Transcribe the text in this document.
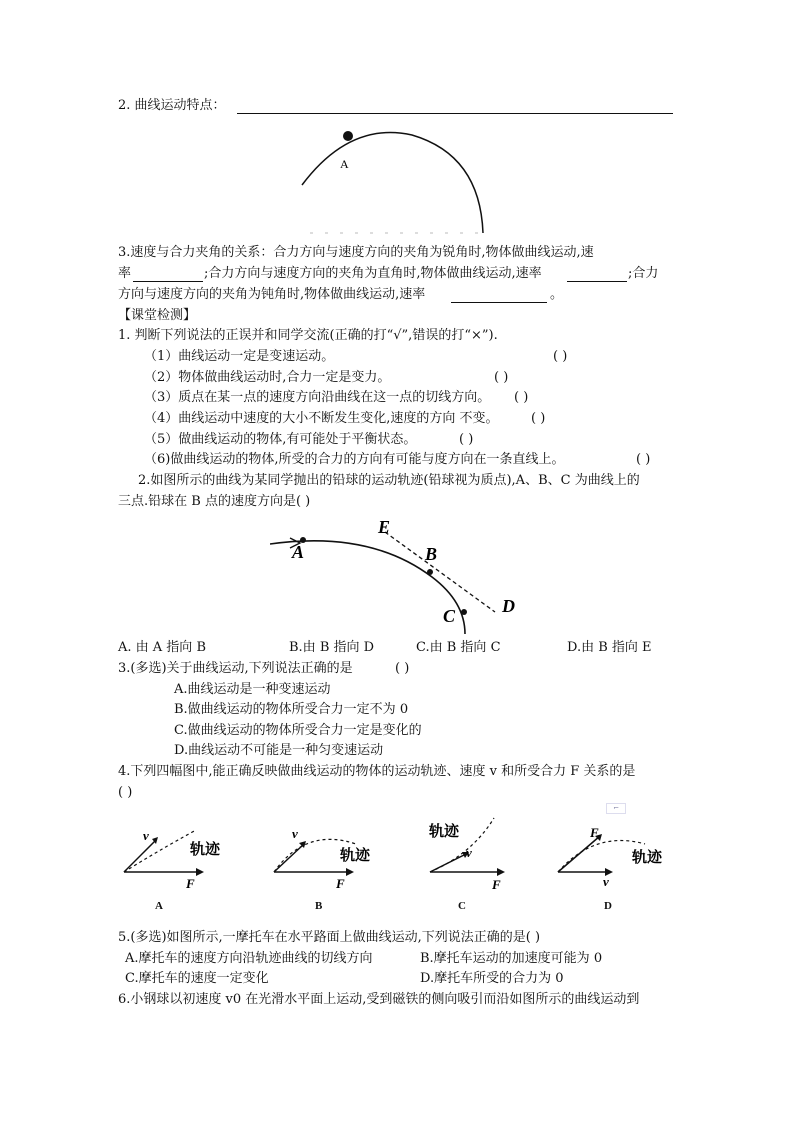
2. 曲线运动特点：
A
3.速度与合力夹角的关系：合力方向与速度方向的夹角为锐角时,物体做曲线运动,速
率	;合力方向与速度方向的夹角为直角时,物体做曲线运动,速率	;合力
方向与速度方向的夹角为钝角时,物体做曲线运动,速率	。
【课堂检测】
1. 判断下列说法的正误并和同学交流(正确的打“√”,错误的打“×”).
（1）曲线运动一定是变速运动。	( )
（2）物体做曲线运动时,合力一定是变力。	( )
（3）质点在某一点的速度方向沿曲线在这一点的切线方向。 ( )
（4）曲线运动中速度的大小不断发生变化,速度的方向 不变。 ( )
（5）做曲线运动的物体,有可能处于平衡状态。	( )
（6)做曲线运动的物体,所受的合力的方向有可能与度方向在一条直线上。	( )
2.如图所示的曲线为某同学抛出的铅球的运动轨迹(铅球视为质点),A、B、C 为曲线上的
三点.铅球在 B 点的速度方向是( )
A	B
C	D
E
A. 由 A 指向 B	B.由 B 指向 D	C.由 B 指向 C	D.由 B 指向 E
3.(多选)关于曲线运动,下列说法正确的是	( )
A.曲线运动是一种变速运动
B.做曲线运动的物体所受合力一定不为 0
C.做曲线运动的物体所受合力一定是变化的
D.曲线运动不可能是一种匀变速运动
4.下列四幅图中,能正确反映做曲线运动的物体的运动轨迹、速度 v 和所受合力 F 关系的是
( )
⌐
v
F
轨迹
A
v
F
轨迹
B
v
F
轨迹
C
F
v
轨迹
D
5.(多选)如图所示,一摩托车在水平路面上做曲线运动,下列说法正确的是( )
A.摩托车的速度方向沿轨迹曲线的切线方向	B.摩托车运动的加速度可能为 0
C.摩托车的速度一定变化	D.摩托车所受的合力为 0
6.小钢球以初速度 v0 在光滑水平面上运动,受到磁铁的侧向吸引而沿如图所示的曲线运动到
